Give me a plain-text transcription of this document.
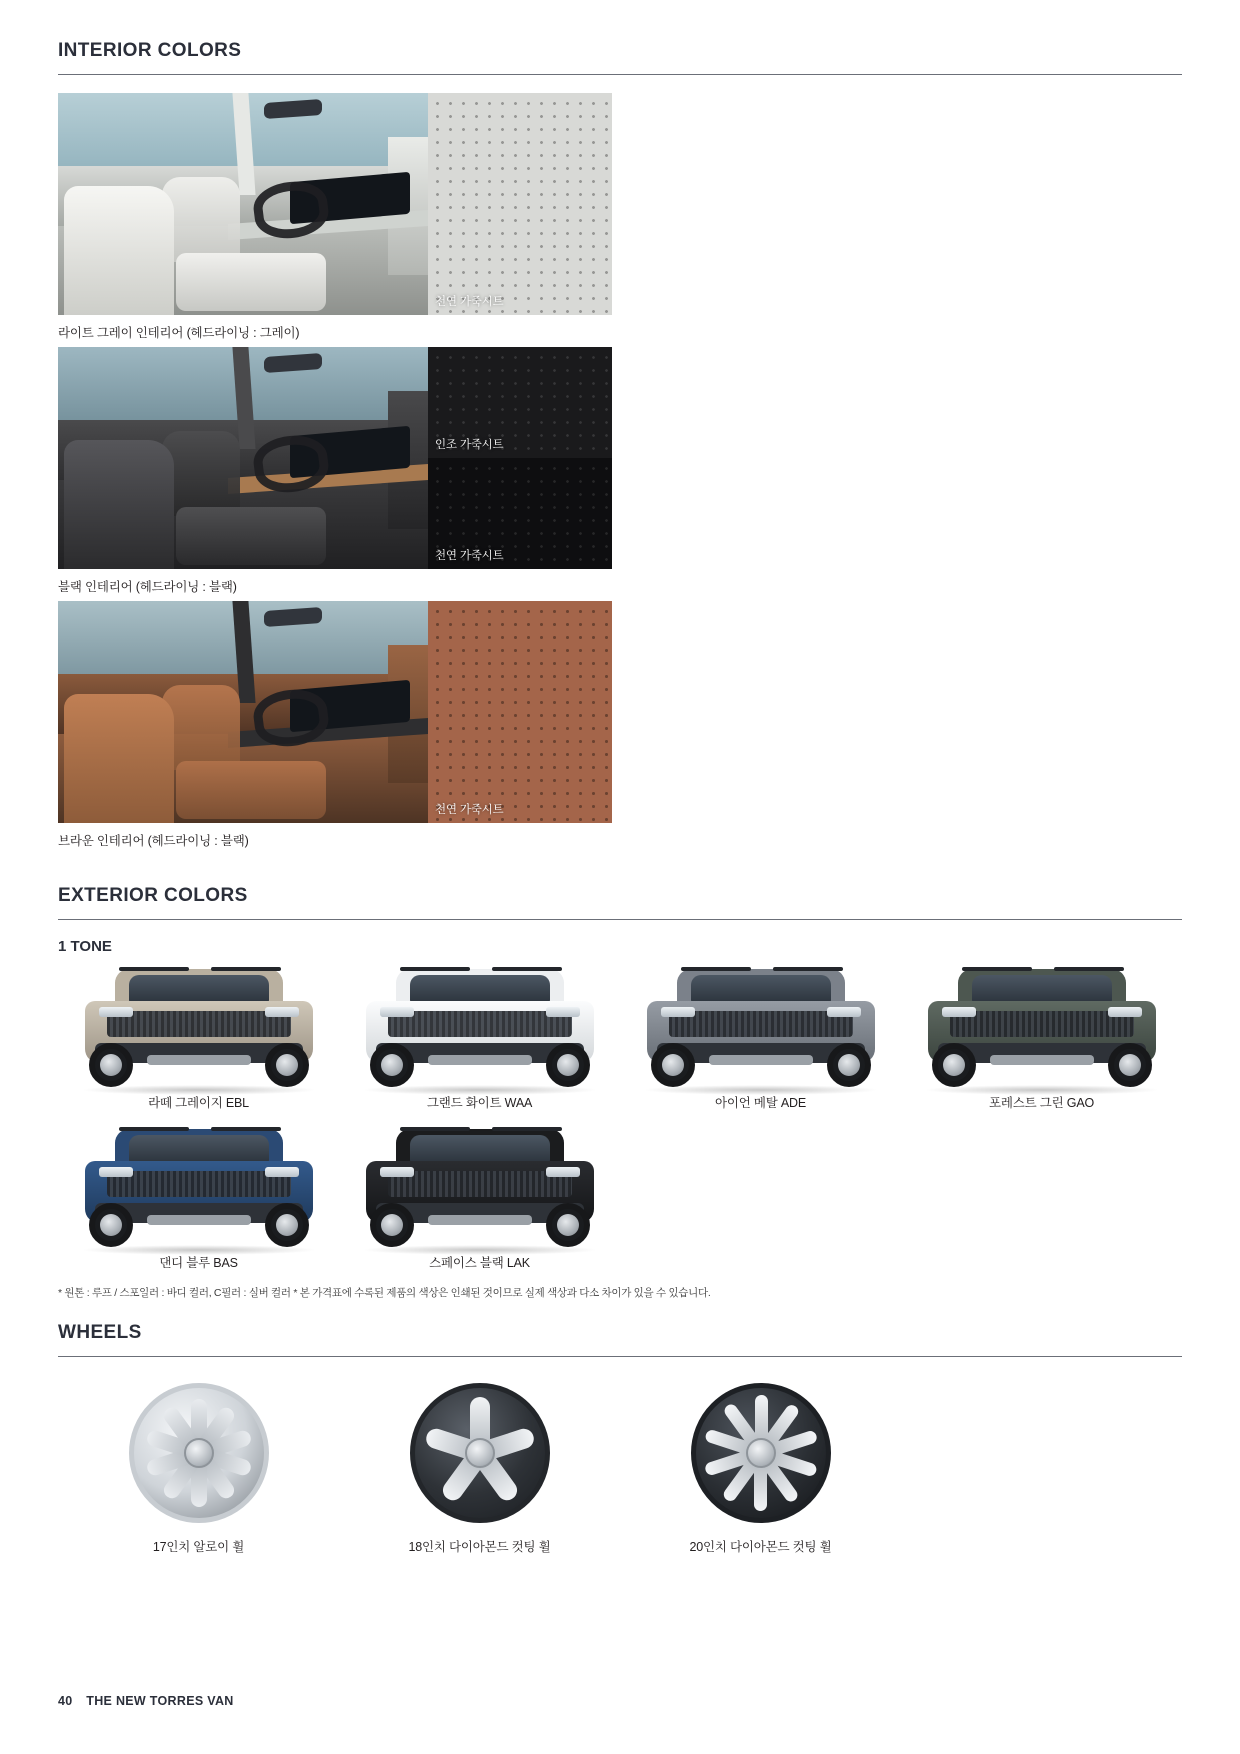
INTERIOR COLORS
천연 가죽시트
라이트 그레이 인테리어 (헤드라이닝 : 그레이)
인조 가죽시트
천연 가죽시트
블랙 인테리어 (헤드라이닝 : 블랙)
천연 가죽시트
브라운 인테리어 (헤드라이닝 : 블랙)
EXTERIOR COLORS
1 TONE
라떼 그레이지 EBL	그랜드 화이트 WAA	아이언 메탈 ADE	포레스트 그린 GAO
댄디 블루 BAS	스페이스 블랙 LAK
* 원톤 : 루프 / 스포일러 : 바디 컬러, C필러 : 실버 컬러 * 본 가격표에 수록된 제품의 색상은 인쇄된 것이므로 실제 색상과 다소 차이가 있을 수 있습니다.
WHEELS
17인치 알로이 휠	18인치 다이아몬드 컷팅 휠	20인치 다이아몬드 컷팅 휠
40 THE NEW TORRES VAN
